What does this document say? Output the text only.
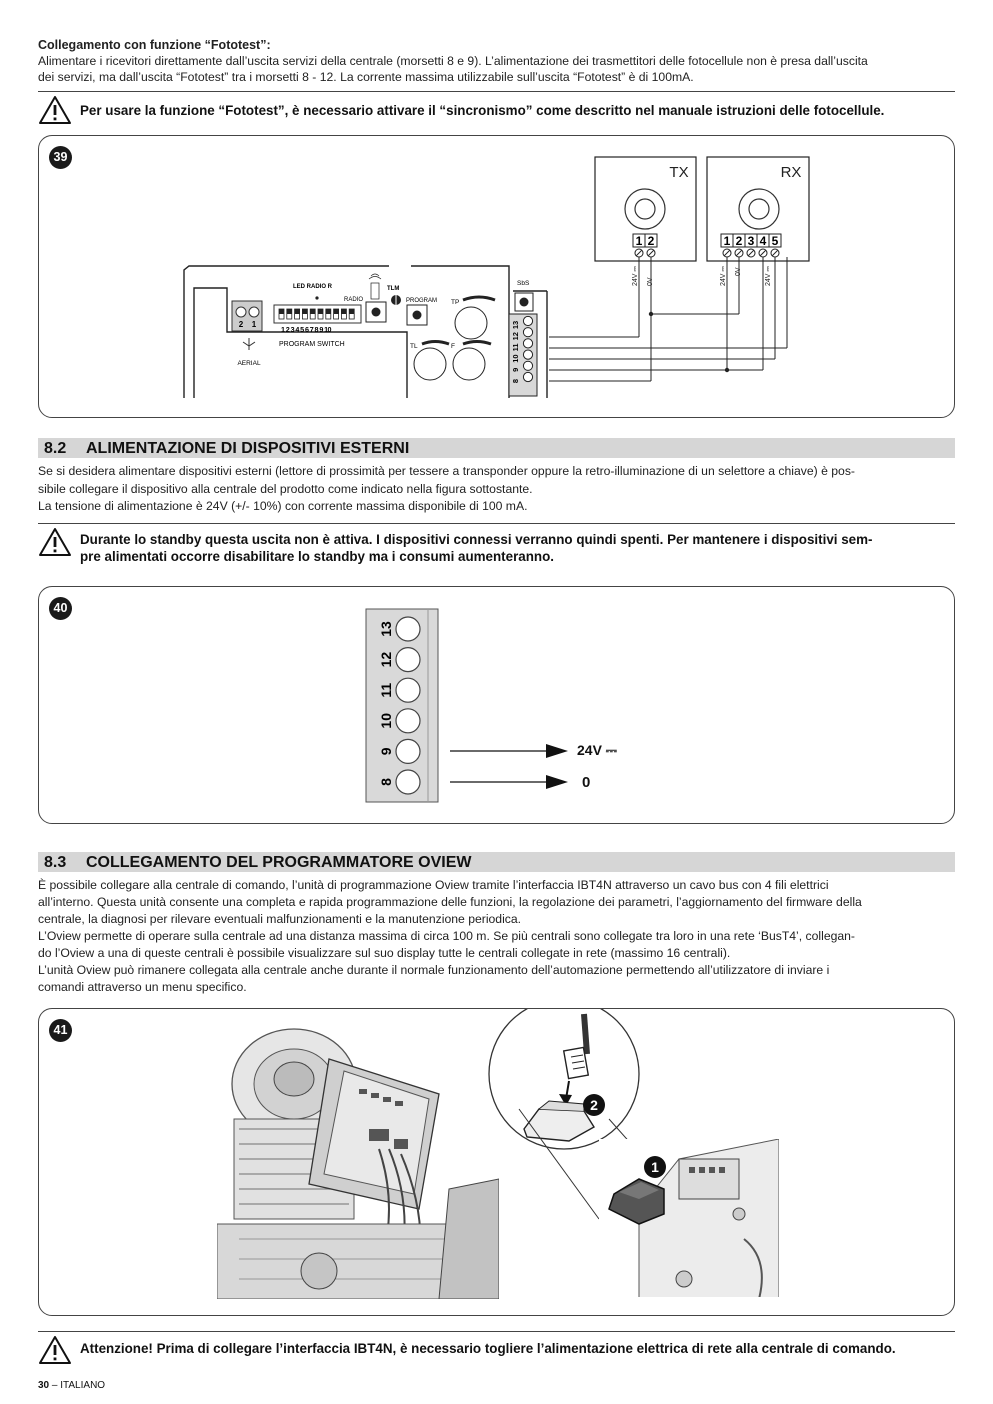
Collegamento con funzione “Fototest”:
Alimentare i ricevitori direttamente dall’uscita servizi della centrale (morsetti 8 e 9). L’alimentazione dei trasmettitori delle fotocellule non è presa dall’uscita
dei servizi, ma dall’uscita “Fototest” tra i morsetti 8 - 12. La corrente massima utilizzabile sull’uscita “Fototest” è di 100mA.
Per usare la funzione “Fototest”, è necessario attivare il “sincronismo” come descritto nel manuale istruzioni delle fotocellule.
39
TX
1 2
RX
1 2 3 4 5
24V ⎓ 0V	24V ⎓ 0V	24V ⎓
2 1
AERIAL
LED RADIO R
1 2 3 4 5 6 7 8 9 10
PROGRAM SWITCH
RADIO
TLM
PROGRAM TP
TL	F
SbS
13
12
11
10
9
8
8.2 ALIMENTAZIONE DI DISPOSITIVI ESTERNI
Se si desidera alimentare dispositivi esterni (lettore di prossimità per tessere a transponder oppure la retro-illuminazione di un selettore a chiave) è pos-
sibile collegare il dispositivo alla centrale del prodotto come indicato nella figura sottostante.
La tensione di alimentazione è 24V (+/- 10%) con corrente massima disponibile di 100 mA.
Durante lo standby questa uscita non è attiva. I dispositivi connessi verranno quindi spenti. Per mantenere i dispositivi sem-
pre alimentati occorre disabilitare lo standby ma i consumi aumenteranno.
40
13
12
11
10
9
8
24V ⎓
0
8.3 COLLEGAMENTO DEL PROGRAMMATORE OVIEW
È possibile collegare alla centrale di comando, l’unità di programmazione Oview tramite l’interfaccia IBT4N attraverso un cavo bus con 4 fili elettrici
all’interno. Questa unità consente una completa e rapida programmazione delle funzioni, la regolazione dei parametri, l’aggiornamento del firmware della
centrale, la diagnosi per rilevare eventuali malfunzionamenti e la manutenzione periodica.
L’Oview permette di operare sulla centrale ad una distanza massima di circa 100 m. Se più centrali sono collegate tra loro in una rete ‘BusT4’, collegan-
do l’Oview a una di queste centrali è possibile visualizzare sul suo display tutte le centrali collegate in rete (massimo 16 centrali).
L’unità Oview può rimanere collegata alla centrale anche durante il normale funzionamento dell’automazione permettendo all’utilizzatore di inviare i
comandi attraverso un menu specifico.
41
2
1
Attenzione! Prima di collegare l’interfaccia IBT4N, è necessario togliere l’alimentazione elettrica di rete alla centrale di comando.
30 – ITALIANO
